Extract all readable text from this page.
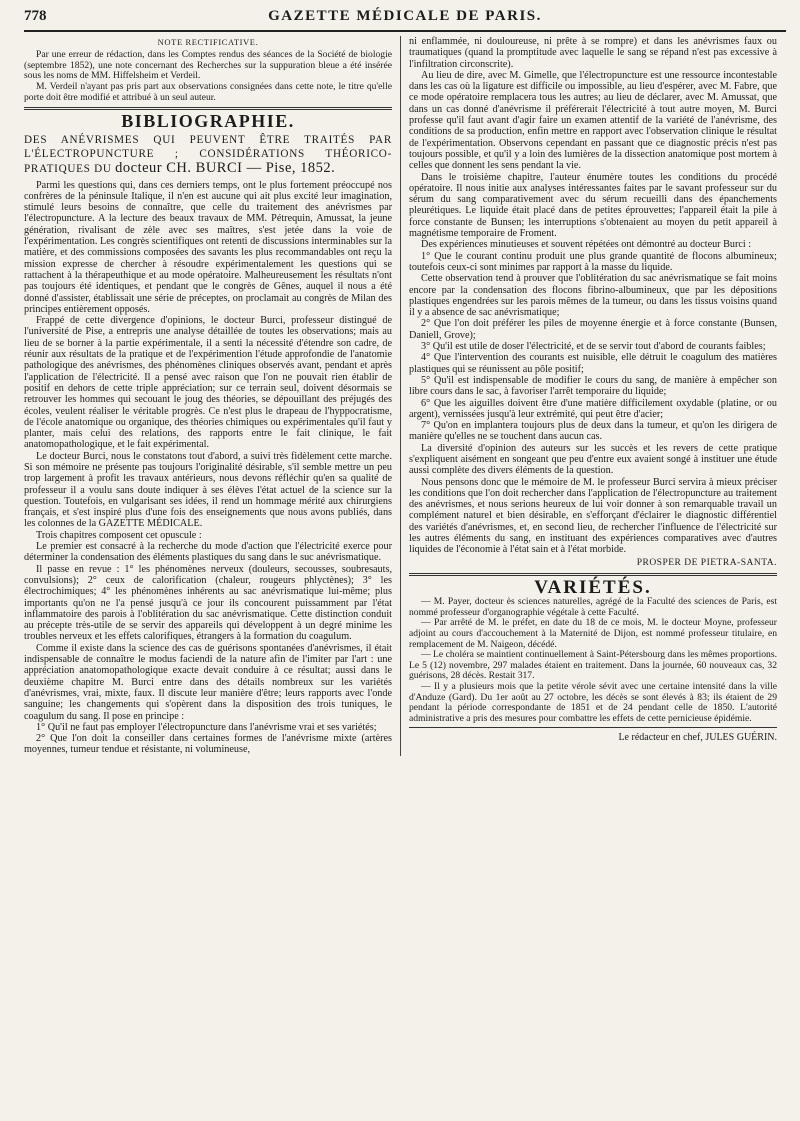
778	GAZETTE MÉDICALE DE PARIS.
NOTE RECTIFICATIVE.

Par une erreur de rédaction, dans les Comptes rendus des séances de la Société de biologie (septembre 1852), une note concernant des Recherches sur la suppuration bleue a été insérée sous les noms de MM. Hiffelsheim et Verdeil.

M. Verdeil n'ayant pas pris part aux observations consignées dans cette note, le titre qu'elle porte doit être modifié et attribué à un seul auteur.

BIBLIOGRAPHIE.
DES ANÉVRISMES QUI PEUVENT ÊTRE TRAITÉS PAR L'ÉLECTROPUNCTURE ; CONSIDÉRATIONS THÉORICO-PRATIQUES DU docteur CH. BURCI — Pise, 1852.

Parmi les questions qui, dans ces derniers temps, ont le plus fortement préoccupé nos confrères de la péninsule Italique, il n'en est aucune qui ait plus excité leur imagination, stimulé leurs besoins de connaître, que celle du traitement des anévrismes par l'électropuncture. A la lecture des beaux travaux de MM. Pétrequin, Amussat, la jeune génération, rivalisant de zèle avec ses maîtres, s'est jetée dans la voie de l'expérimentation. Les congrès scientifiques ont retenti de discussions interminables sur la matière, et des commissions composées des savants les plus recommandables ont reçu la mission expresse de chercher à résoudre expérimentalement les questions qui se rattachent à la thérapeuthique et au mode opératoire. Malheureusement les résultats n'ont pas toujours été identiques, et pendant que le congrès de Gênes, auquel il nous a été donné d'assister, établissait une série de préceptes, on proclamait au congrès de Milan des principes entièrement opposés.

Frappé de cette divergence d'opinions, le docteur Burci, professeur distingué de l'université de Pise, a entrepris une analyse détaillée de toutes les observations; mais au lieu de se borner à la partie expérimentale, il a senti la nécessité d'étendre son cadre, de réunir aux résultats de la pratique et de l'expérimention l'étude approfondie de l'anatomie pathologique des anévrismes, des phénomènes cliniques observés avant, pendant et après l'application de l'électricité. Il a pensé avec raison que l'on ne pouvait rien établir de positif en dehors de cette triple appréciation; sur ce terrain seul, doivent désormais se retrouver les hommes qui secouant le joug des théories, se dépouillant des préjugés des écoles, veulent réaliser le véritable progrès. Ce n'est plus le drapeau de l'hyppocratisme, de l'école anatomique ou organique, des théories chimiques ou expérimentales qu'il faut y planter, mais celui des relations, des rapports entre le fait clinique, le fait anatomopathologique, et le fait expérimental.

Le docteur Burci, nous le constatons tout d'abord, a suivi très fidèlement cette marche. Si son mémoire ne présente pas toujours l'originalité désirable, s'il semble mettre un peu trop largement à profit les travaux antérieurs, nous devons réfléchir qu'en sa qualité de professeur il a voulu sans doute indiquer à ses élèves l'état actuel de la science sur la question. Toutefois, en vulgarisant ses idées, il rend un hommage mérité aux chirurgiens français, et s'est inspiré plus d'une fois des enseignements que nous avons publiés, dans les colonnes de la GAZETTE MÉDICALE.

Trois chapitres composent cet opuscule :

Le premier est consacré à la recherche du mode d'action que l'électricité exerce pour déterminer la condensation des éléments plastiques du sang dans le suc anévrismatique.

Il passe en revue : 1° les phénomènes nerveux (douleurs, secousses, soubresauts, convulsions); 2° ceux de calorification (chaleur, rougeurs phlyctènes); 3° les électrochimiques; 4° les phénomènes inhérents au sac anévrismatique lui-même; plus importants qu'on ne l'a pensé jusqu'à ce jour ils concourent puissamment par l'état inflammatoire des parois à l'oblitération du sac anévrismatique. Cette distinction conduit au précepte très-utile de se servir des appareils qui développent à un degré minime les troubles nerveux et les effets calorifiques, étrangers à la formation du coagulum.

Comme il existe dans la science des cas de guérisons spontanées d'anévrismes, il était indispensable de connaître le modus faciendi de la nature afin de l'imiter par l'art : une appréciation anatomopathologique exacte devait conduire à ce résultat; aussi dans le deuxième chapitre M. Burci entre dans des détails nombreux sur les variétés d'anévrismes, vrai, mixte, faux. Il discute leur manière d'être; leurs rapports avec l'onde sanguine; les changements qui s'opèrent dans la disposition des trois tuniques, le coagulum du sang. Il pose en principe :

1° Qu'il ne faut pas employer l'électropuncture dans l'anévrisme vrai et ses variétés;

2° Que l'on doit la conseiller dans certaines formes de l'anévrisme mixte (artères moyennes, tumeur tendue et résistante, ni volumineuse,

ni enflammée, ni douloureuse, ni prête à se rompre) et dans les anévrismes faux ou traumatiques (quand la promptitude avec laquelle le sang se répand n'est pas excessive à l'infiltration circonscrite).

Au lieu de dire, avec M. Gimelle, que l'électropuncture est une ressource incontestable dans les cas où la ligature est difficile ou impossible, au lieu d'espérer, avec M. Fabre, que ce mode opératoire remplacera tous les autres; au lieu de déclarer, avec M. Amussat, que dans un cas donné d'anévrisme il préférerait l'électricité à tout autre moyen, M. Burci professe qu'il faut avant d'agir faire un examen attentif de la variété de l'anévrisme, des conditions de sa production, enfin mettre en rapport avec l'observation clinique le résultat de l'expérimentation. Observons cependant en passant que ce diagnostic précis n'est pas toujours possible, et qu'il y a loin des lumières de la dissection anatomique post mortem à celles que donnent les sens pendant la vie.

Dans le troisième chapitre, l'auteur énumère toutes les conditions du procédé opératoire. Il nous initie aux analyses intéressantes faites par le savant professeur sur du sérum du sang comparativement avec du sérum recueilli dans des épanchements pleurétiques. Le liquide était placé dans de petites éprouvettes; l'appareil était la pile à force constante de Bunsen; les interruptions s'obtenaient au moyen du petit appareil à magnétisme temporaire de Froment.

Des expériences minutieuses et souvent répétées ont démontré au docteur Burci :

1° Que le courant continu produit une plus grande quantité de flocons albumineux; toutefois ceux-ci sont minimes par rapport à la masse du liquide.

Cette observation tend à prouver que l'oblitération du sac anévrismatique se fait moins encore par la condensation des flocons fibrino-albumineux, que par les dépositions plastiques engendrées sur les parois mêmes de la tumeur, ou dans les tissus voisins quand il y a absence de sac anévrismatique;

2° Que l'on doit préférer les piles de moyenne énergie et à force constante (Bunsen, Daniell, Grove);

3° Qu'il est utile de doser l'électricité, et de se servir tout d'abord de courants faibles;

4° Que l'intervention des courants est nuisible, elle détruit le coagulum des matières plastiques qui se réunissent au pôle positif;

5° Qu'il est indispensable de modifier le cours du sang, de manière à empêcher son libre cours dans le sac, à favoriser l'arrêt temporaire du liquide;

6° Que les aiguilles doivent être d'une matière difficilement oxydable (platine, or ou argent), vernissées jusqu'à leur extrémité, qui peut être d'acier;

7° Qu'on en implantera toujours plus de deux dans la tumeur, et qu'on les dirigera de manière qu'elles ne se touchent dans aucun cas.

La diversité d'opinion des auteurs sur les succès et les revers de cette pratique s'expliquent aisément en songeant que peu d'entre eux avaient songé à instituer une étude aussi complète des divers éléments de la question.

Nous pensons donc que le mémoire de M. le professeur Burci servira à mieux préciser les conditions que l'on doit rechercher dans l'application de l'électropuncture au traitement des anévrismes, et nous serions heureux de lui voir donner à son remarquable travail un complément naturel et bien désirable, en s'efforçant d'éclairer le diagnostic différentiel des variétés d'anévrismes, et, en second lieu, de rechercher l'influence de l'électricité sur les autres éléments du sang, en instituant des expériences comparatives avec d'autres liquides de l'économie à l'état sain et à l'état morbide.

PROSPER DE PIETRA-SANTA.
VARIÉTÉS.

— M. Payer, docteur ès sciences naturelles, agrégé de la Faculté des sciences de Paris, est nommé professeur d'organographie végétale à cette Faculté.

— Par arrêté de M. le préfet, en date du 18 de ce mois, M. le docteur Moyne, professeur adjoint au cours d'accouchement à la Maternité de Dijon, est nommé professeur titulaire, en remplacement de M. Naigeon, décédé.

— Le choléra se maintient continuellement à Saint-Pétersbourg dans les mêmes proportions. Le 5 (12) novembre, 297 malades étaient en traitement. Dans la journée, 60 nouveaux cas, 32 guérisons, 28 décès. Restait 317.

— Il y a plusieurs mois que la petite vérole sévit avec une certaine intensité dans la ville d'Anduze (Gard). Du 1er août au 27 octobre, les décès se sont élevés à 83; ils étaient de 29 pendant la période correspondante de 1851 et de 24 pendant celle de 1850. L'autorité administrative a pris des mesures pour combattre les effets de cette pernicieuse épidémie.

Le rédacteur en chef, JULES GUÉRIN.
